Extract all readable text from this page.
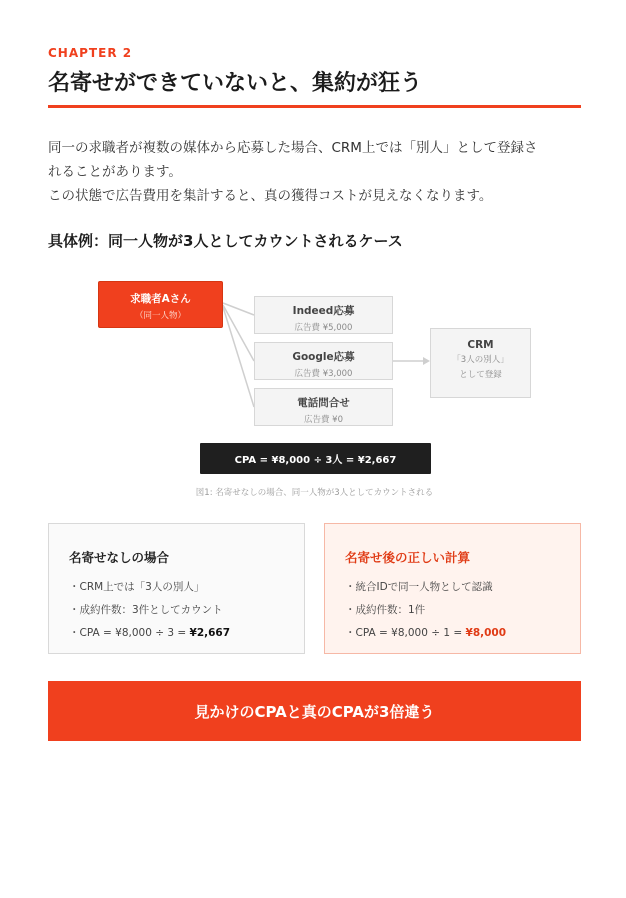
CHAPTER 2
名寄せができていないと、集約が狂う

同一の求職者が複数の媒体から応募した場合、CRM上では「別人」として登録さ

れることがあります。

この状態で広告費用を集計すると、真の獲得コストが見えなくなります。

具体例：同一人物が3人としてカウントされるケース
求職者Aさん
（同一人物）	Indeed応募
広告費 ¥5,000
Google応募
広告費 ¥3,000
電話問合せ
広告費 ¥0
CRM
「3人の別人」
として登録
CPA = ¥8,000 ÷ 3人 = ¥2,667
図1: 名寄せなしの場合、同一人物が3人としてカウントされる
名寄せなしの場合
・CRM上では「3人の別人」
・成約件数：3件としてカウント
・CPA = ¥8,000 ÷ 3 = ¥2,667
名寄せ後の正しい計算
・統合IDで同一人物として認識
・成約件数：1件
・CPA = ¥8,000 ÷ 1 = ¥8,000
見かけのCPAと真のCPAが3倍違う
